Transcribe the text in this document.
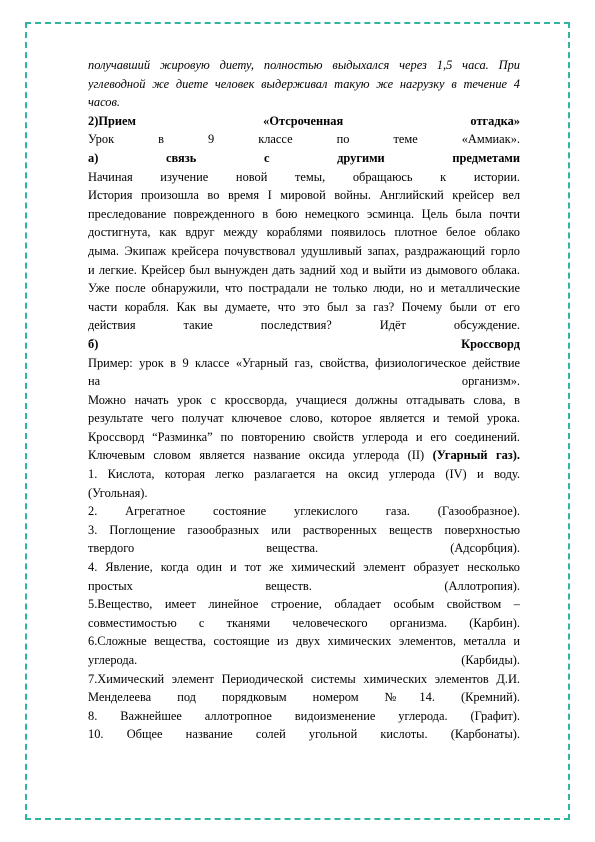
получавший жировую диету, полностью выдыхался через 1,5 часа. При
углеводной же диете человек выдерживал такую же нагрузку в течение 4
часов.
2)Прием	«Отсроченная	отгадка»
Урок в 9 классе по теме «Аммиак».
а)	связь	с	другими	предметами
Начиная изучение новой темы, обращаюсь к истории.
История произошла во время I мировой войны. Английский крейсер вел
преследование поврежденного в бою немецкого эсминца. Цель была почти
достигнута, как вдруг между кораблями появилось плотное белое облако
дыма. Экипаж крейсера почувствовал удушливый запах, раздражающий горло
и легкие. Крейсер был вынужден дать задний ход и выйти из дымового облака.
Уже после обнаружили, что пострадали не только люди, но и металлические
части корабля. Как вы думаете, что это был за газ? Почему были от его
действия такие последствия? Идёт обсуждение.
б)	Кроссворд
Пример: урок в 9 классе «Угарный газ, свойства, физиологическое действие
на организм».
Можно начать урок с кроссворда, учащиеся должны отгадывать слова, в
результате чего получат ключевое слово, которое является и темой урока.
Кроссворд “Разминка” по повторению свойств углерода и его соединений.
Ключевым словом является название оксида углерода (II) (Угарный газ).
1. Кислота, которая легко разлагается на оксид углерода (IV) и воду.
(Угольная).
2. Агрегатное состояние углекислого газа. (Газообразное).
3. Поглощение газообразных или растворенных веществ поверхностью
твердого вещества. (Адсорбция).
4. Явление, когда один и тот же химический элемент образует несколько
простых веществ. (Аллотропия).
5.Вещество, имеет линейное строение, обладает особым свойством –
совместимостью с тканями человеческого организма. (Карбин).
6.Сложные вещества, состоящие из двух химических элементов, металла и
углерода.	(Карбиды).
7.Химический элемент Периодической системы химических элементов Д.И.
Менделеева под порядковым номером №14. (Кремний).
8. Важнейшее аллотропное видоизменение углерода. (Графит).
10. Общее название солей угольной кислоты. (Карбонаты).
